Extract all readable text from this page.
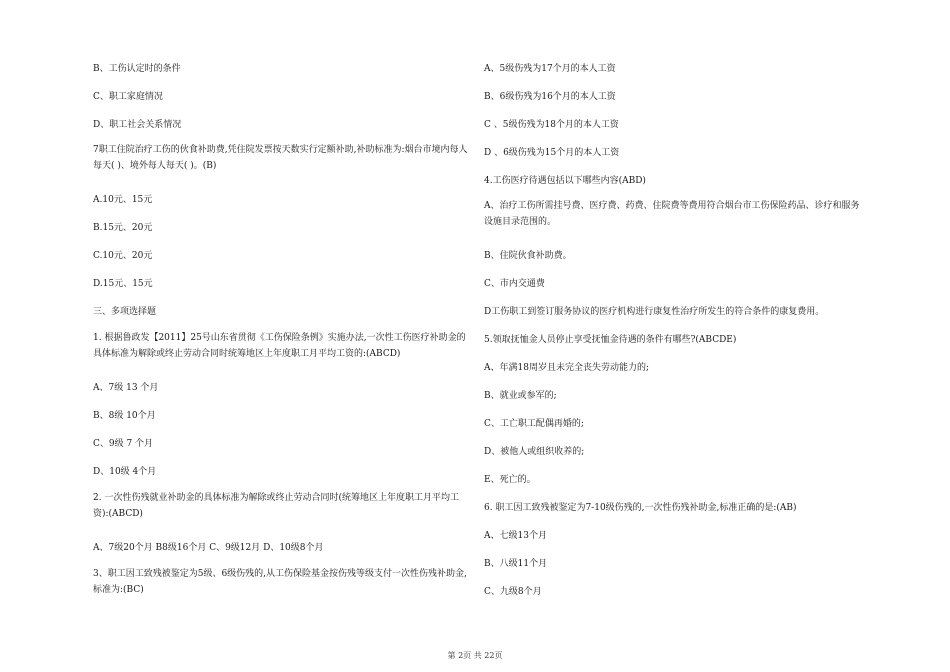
B、工伤认定时的条件
C、职工家庭情况
D、职工社会关系情况
7职工住院治疗工伤的伙食补助费,凭住院发票按天数实行定额补助,补助标准为:烟台市境内每人每天( )、境外每人每天( )。(B)
A.10元、15元
B.15元、20元
C.10元、20元
D.15元、15元
三、多项选择题
1. 根据鲁政发【2011】25号山东省贯彻《工伤保险条例》实施办法,一次性工伤医疗补助金的具体标准为解除或终止劳动合同时统筹地区上年度职工月平均工资的:(ABCD)
A、7级 13 个月
B、8级 10个月
C、9级 7 个月
D、10级 4个月
2. 一次性伤残就业补助金的具体标准为解除或终止劳动合同时(统筹地区上年度职工月平均工资):(ABCD)
A、7级20个月 B8级16个月 C、9级12月 D、10级8个月
3、职工因工致残被鉴定为5级、6级伤残的,从工伤保险基金按伤残等级支付一次性伤残补助金,标准为:(BC)
A、5级伤残为17个月的本人工资
B、6级伤残为16个月的本人工资
C 、5级伤残为18个月的本人工资
D 、6级伤残为15个月的本人工资
4.工伤医疗待遇包括以下哪些内容(ABD)
A、治疗工伤所需挂号费、医疗费、药费、住院费等费用符合烟台市工伤保险药品、诊疗和服务设施目录范围的。
B、住院伙食补助费。
C、市内交通费
D工伤职工到签订服务协议的医疗机构进行康复性治疗所发生的符合条件的康复费用。
5.领取抚恤金人员停止享受抚恤金待遇的条件有哪些?(ABCDE)
A、年满18周岁且未完全丧失劳动能力的;
B、就业或参军的;
C、工亡职工配偶再婚的;
D、被他人或组织收养的;
E、死亡的。
6. 职工因工致残被鉴定为7-10级伤残的,一次性伤残补助金,标准正确的是:(AB)
A、七级13个月
B、八级11个月
C、九级8个月
第 2页 共 22页
